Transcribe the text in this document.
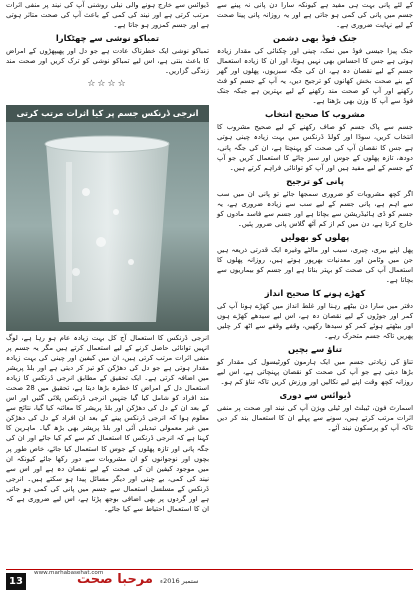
کے لئے پانی بہت ہی مفید ہے کیونکہ سارا دن پانی نہ پینے سے جسم میں پانی کی کمی ہو جاتی ہے اور یہ روزانہ پانی پینا صحت کے لیے نہایت ضروری ہے۔

جنک فوڈ بھی دشمن

جنک پیزا جیسی فوڈ میں نمک، چینی اور چکنائی کی مقدار زیادہ ہوتی ہے جس کا احساس بھی نہیں ہوتا، اور ان کا زیادہ استعمال جسم کے لیے نقصان دہ ہے، ان کی جگہ سبزیوں، پھلوں اور گھر کے بنے صحت بخش کھانوں کو ترجیح دیں، یہ آپ کے جسم کو فٹ رکھنے اور آپ کو صحت مند رکھنے کے لیے بہترین ہے جبکہ جنک فوڈ سے آپ کا وزن بھی بڑھتا ہے۔

مشروب کا صحیح انتخاب

جسم سے پاک جسم کو صاف رکھنے کے لیے صحیح مشروب کا انتخاب کریں، سوڈا اور کولڈ ڈرنکس میں بہت زیادہ چینی ہوتی ہے جس کا نقصان آپ کی صحت کو پہنچتا ہے، ان کی جگہ پانی، دودھ، تازہ پھلوں کے جوس اور سبز چائے کا استعمال کریں جو آپ کے جسم کے لیے مفید ہیں اور آپ کو توانائی فراہم کرتے ہیں۔

پانی کو ترجیح

اگر کچھ مشروبات کو ضروری سمجھا جائے تو پانی ان میں سب سے اہم ہے، پانی جسم کے لیے سب سے زیادہ ضروری ہے، یہ جسم کو ڈی ہائیڈریشن سے بچاتا ہے اور جسم سے فاسد مادوں کو خارج کرتا ہے، دن میں کم از کم آٹھ گلاس پانی ضرور پئیں۔

پھلوں کو بھولیں

پھل اپنے بیری، چیری، سیب اور مالٹے وغیرہ ایک قدرتی ذریعہ ہیں جن میں وٹامن اور معدنیات بھرپور ہوتے ہیں، روزانہ پھلوں کا استعمال آپ کی صحت کو بہتر بناتا ہے اور جسم کو بیماریوں سے بچاتا ہے۔

کھڑے ہونے کا صحیح انداز

دفتر میں سارا دن بیٹھے رہنا اور غلط انداز میں کھڑے ہونا آپ کی کمر اور جوڑوں کے لیے نقصان دہ ہے، اس لیے سیدھے کھڑے ہوں اور بیٹھتے ہوئے کمر کو سیدھا رکھیں، وقفے وقفے سے اٹھ کر چلیں پھریں تاکہ جسم متحرک رہے۔

تناؤ سے بچیں

تناؤ کی زیادتی جسم میں ایک ہارمون کورٹیسول کی مقدار کو بڑھا دیتی ہے جو آپ کی صحت کو نقصان پہنچاتی ہے، اس لیے روزانہ کچھ وقت اپنے لیے نکالیں اور ورزش کریں تاکہ تناؤ کم ہو۔

ڈیوائس سے دوری

اسمارٹ فون، ٹیبلٹ اور ٹیلی ویژن آپ کی نیند اور صحت پر منفی اثرات مرتب کرتے ہیں، سونے سے پہلے ان کا استعمال بند کر دیں تاکہ آپ کو پرسکون نیند آئے۔

ڈیوائس سے خارج ہونے والی نیلی روشنی آپ کی نیند پر منفی اثرات مرتب کرتی ہے اور نیند کی کمی کے باعث آپ کی صحت متاثر ہوتی ہے اور جسم کمزور ہو جاتا ہے۔

تمباکو نوشی سے چھٹکارا

تمباکو نوشی ایک خطرناک عادت ہے جو دل اور پھیپھڑوں کے امراض کا باعث بنتی ہے، اس لیے تمباکو نوشی کو ترک کریں اور صحت مند زندگی گزاریں۔

☆☆☆☆
انرجی ڈرنکس جسم پر کیا اثرات مرتب کرتی

انرجی ڈرنکس کا استعمال آج کل بہت زیادہ عام ہو رہا ہے، لوگ انہیں توانائی حاصل کرنے کے لیے استعمال کرتے ہیں مگر یہ جسم پر منفی اثرات مرتب کرتی ہیں، ان میں کیفین اور چینی کی بہت زیادہ مقدار ہوتی ہے جو دل کی دھڑکن کو تیز کر دیتی ہے اور بلڈ پریشر میں اضافہ کرتی ہے۔ ایک تحقیق کے مطابق انرجی ڈرنکس کا زیادہ استعمال دل کے امراض کا خطرہ بڑھا دیتا ہے، تحقیق میں 28 صحت مند افراد کو شامل کیا گیا جنہیں انرجی ڈرنکس پلائی گئیں اور اس کے بعد ان کے دل کی دھڑکن اور بلڈ پریشر کا معائنہ کیا گیا، نتائج سے معلوم ہوا کہ انرجی ڈرنکس پینے کے بعد ان افراد کے دل کی دھڑکن میں غیر معمولی تبدیلی آئی اور بلڈ پریشر بھی بڑھ گیا۔ ماہرین کا کہنا ہے کہ انرجی ڈرنکس کا استعمال کم سے کم کیا جائے اور ان کی جگہ پانی اور تازہ پھلوں کے جوس کا استعمال کیا جائے، خاص طور پر بچوں اور نوجوانوں کو ان مشروبات سے دور رکھا جائے کیونکہ ان میں موجود کیفین ان کی صحت کے لیے نقصان دہ ہے اور اس سے نیند کی کمی، بے چینی اور دیگر مسائل پیدا ہو سکتے ہیں۔ انرجی ڈرنکس کے مسلسل استعمال سے جسم میں پانی کی کمی ہو جاتی ہے اور گردوں پر بھی اضافی بوجھ پڑتا ہے، اس لیے ضروری ہے کہ ان کا استعمال احتیاط سے کیا جائے۔

13
www.marhabasehat.com
مرحبا صحت	ستمبر 2016ء
